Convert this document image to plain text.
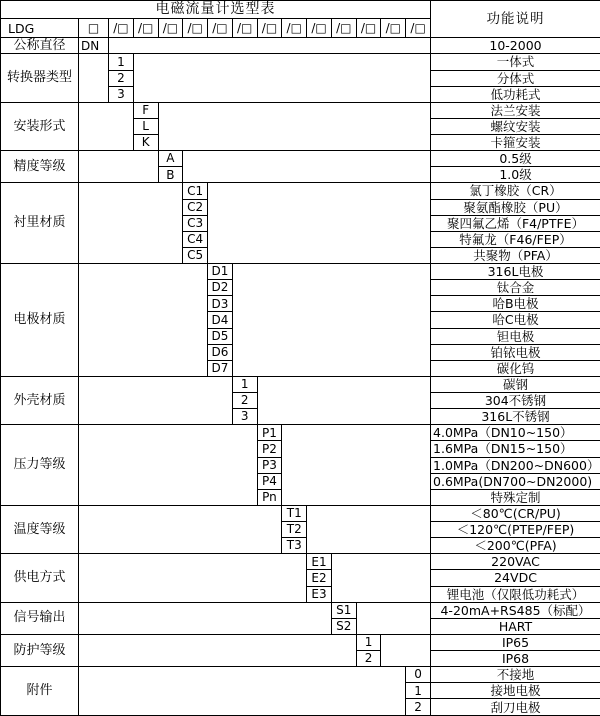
电磁流量计选型表															功能说明
LDG	□	/□	/□	/□	/□	/□	/□	/□	/□	/□	/□	/□	/□	/□	
公称直径	DN														10-2000
转换器类型		1													一体式
		2													分体式
		3													低功耗式
安装形式			F												法兰安装
			L												螺纹安装
			K												卡箍安装
精度等级				A											0.5级
				B											1.0级
衬里材质					C1										氯丁橡胶（CR）
					C2										聚氨酯橡胶（PU）
					C3										聚四氟乙烯（F4/PTFE）
					C4										特氟龙（F46/FEP）
					C5										共聚物（PFA）
电极材质						D1									316L电极
						D2									钛合金
						D3									哈B电极
						D4									哈C电极
						D5									钽电极
						D6									铂铱电极
						D7									碳化钨
外壳材质							1								碳钢
							2								304不锈钢
							3								316L不锈钢
压力等级								P1							4.0MPa（DN10~150）
								P2							1.6MPa（DN15~150）
								P3							1.0MPa（DN200~DN600）
								P4							0.6MPa(DN700~DN2000)
								Pn							特殊定制
温度等级									T1						＜80℃(CR/PU)
									T2						＜120℃(PTEP/FEP)
									T3						＜200℃(PFA)
供电方式										E1					220VAC
										E2					24VDC
										E3					锂电池（仅限低功耗式）
信号输出											S1				4-20mA+RS485（标配）
											S2				HART
防护等级												1			IP65
												2			IP68
附件														0	不接地
														1	接地电极
														2	刮刀电极
